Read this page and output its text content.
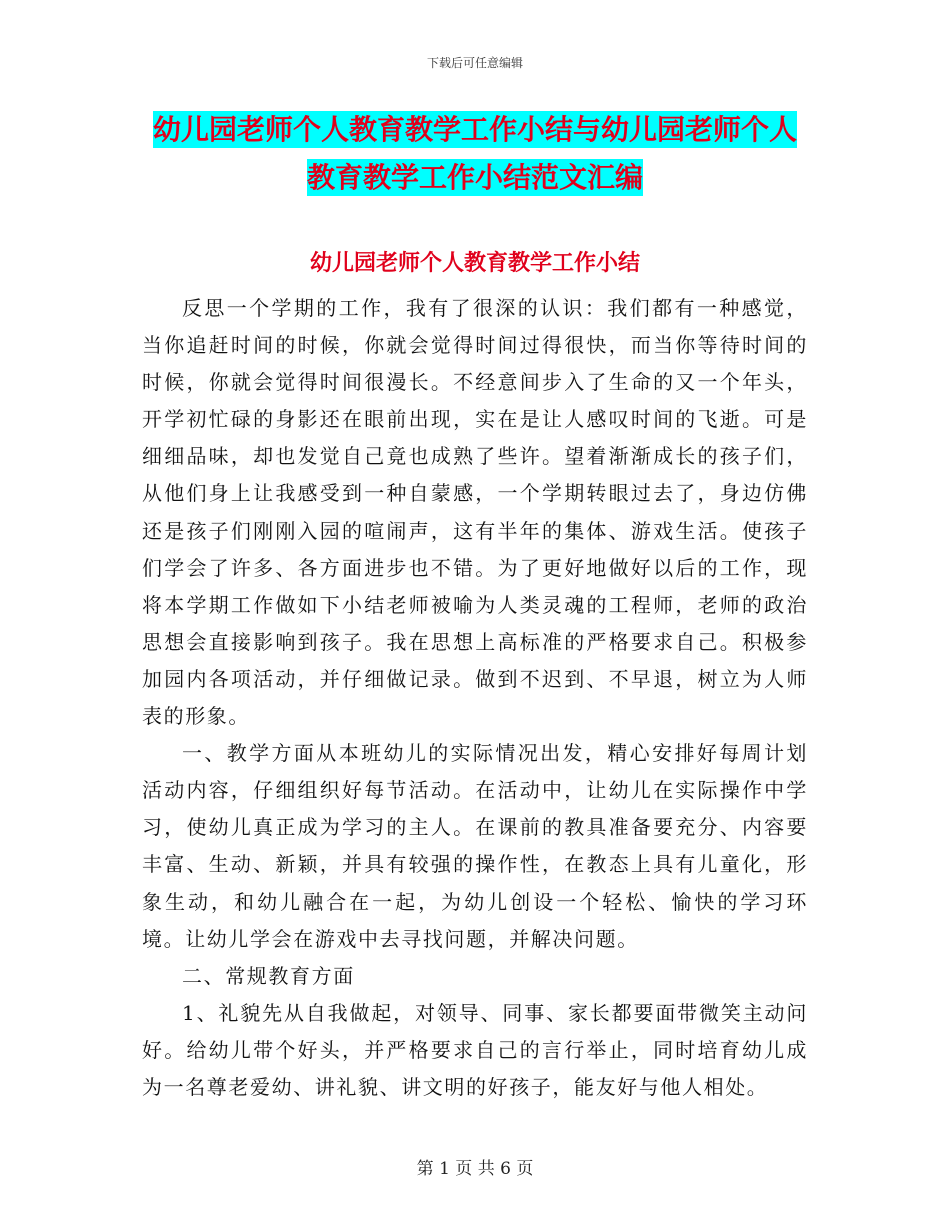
下载后可任意编辑
幼儿园老师个人教育教学工作小结与幼儿园老师个人
教育教学工作小结范文汇编
幼儿园老师个人教育教学工作小结

反思一个学期的工作，我有了很深的认识：我们都有一种感觉，当你追赶时间的时候，你就会觉得时间过得很快，而当你等待时间的时候，你就会觉得时间很漫长。不经意间步入了生命的又一个年头，开学初忙碌的身影还在眼前出现，实在是让人感叹时间的飞逝。可是细细品味，却也发觉自己竟也成熟了些许。望着渐渐成长的孩子们，从他们身上让我感受到一种自蒙感，一个学期转眼过去了，身边仿佛还是孩子们刚刚入园的喧闹声，这有半年的集体、游戏生活。使孩子们学会了许多、各方面进步也不错。为了更好地做好以后的工作，现将本学期工作做如下小结老师被喻为人类灵魂的工程师，老师的政治思想会直接影响到孩子。我在思想上高标准的严格要求自己。积极参加园内各项活动，并仔细做记录。做到不迟到、不早退，树立为人师表的形象。

一、教学方面从本班幼儿的实际情况出发，精心安排好每周计划活动内容，仔细组织好每节活动。在活动中，让幼儿在实际操作中学习，使幼儿真正成为学习的主人。在课前的教具准备要充分、内容要丰富、生动、新颖，并具有较强的操作性，在教态上具有儿童化，形象生动，和幼儿融合在一起，为幼儿创设一个轻松、愉快的学习环境。让幼儿学会在游戏中去寻找问题，并解决问题。

二、常规教育方面

1、礼貌先从自我做起，对领导、同事、家长都要面带微笑主动问好。给幼儿带个好头，并严格要求自己的言行举止，同时培育幼儿成为一名尊老爱幼、讲礼貌、讲文明的好孩子，能友好与他人相处。

第 1 页 共 6 页
